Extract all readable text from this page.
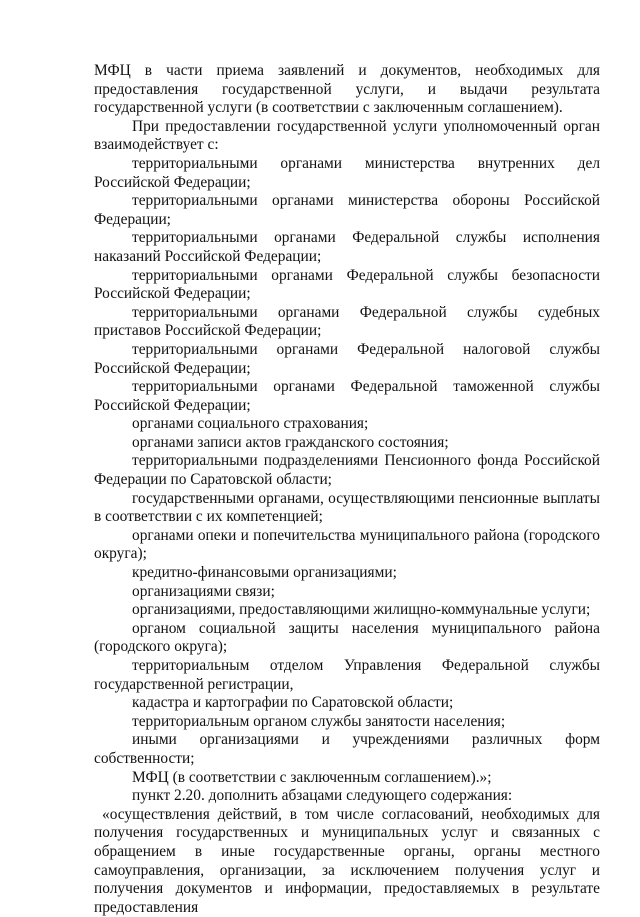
МФЦ в части приема заявлений и документов, необходимых для предоставления государственной услуги, и выдачи результата государственной услуги (в соответствии с заключенным соглашением).

При предоставлении государственной услуги уполномоченный орган взаимодействует с:

территориальными органами министерства внутренних дел Российской Федерации;

территориальными органами министерства обороны Российской Федерации;

территориальными органами Федеральной службы исполнения наказаний Российской Федерации;

территориальными органами Федеральной службы безопасности Российской Федерации;

территориальными органами Федеральной службы судебных приставов Российской Федерации;

территориальными органами Федеральной налоговой службы Российской Федерации;

территориальными органами Федеральной таможенной службы Российской Федерации;

органами социального страхования;

органами записи актов гражданского состояния;

территориальными подразделениями Пенсионного фонда Российской Федерации по Саратовской области;

государственными органами, осуществляющими пенсионные выплаты в соответствии с их компетенцией;

органами опеки и попечительства муниципального района (городского округа);

кредитно-финансовыми организациями;

организациями связи;

организациями, предоставляющими жилищно-коммунальные услуги;

органом социальной защиты населения муниципального района (городского округа);

территориальным отделом Управления Федеральной службы государственной регистрации,

кадастра и картографии по Саратовской области;

территориальным органом службы занятости населения;

иными организациями и учреждениями различных форм собственности;

МФЦ (в соответствии с заключенным соглашением).»;

пункт 2.20. дополнить абзацами следующего содержания:

«осуществления действий, в том числе согласований, необходимых для получения государственных и муниципальных услуг и связанных с обращением в иные государственные органы, органы местного самоуправления, организации, за исключением получения услуг и получения документов и информации, предоставляемых в результате предоставления
